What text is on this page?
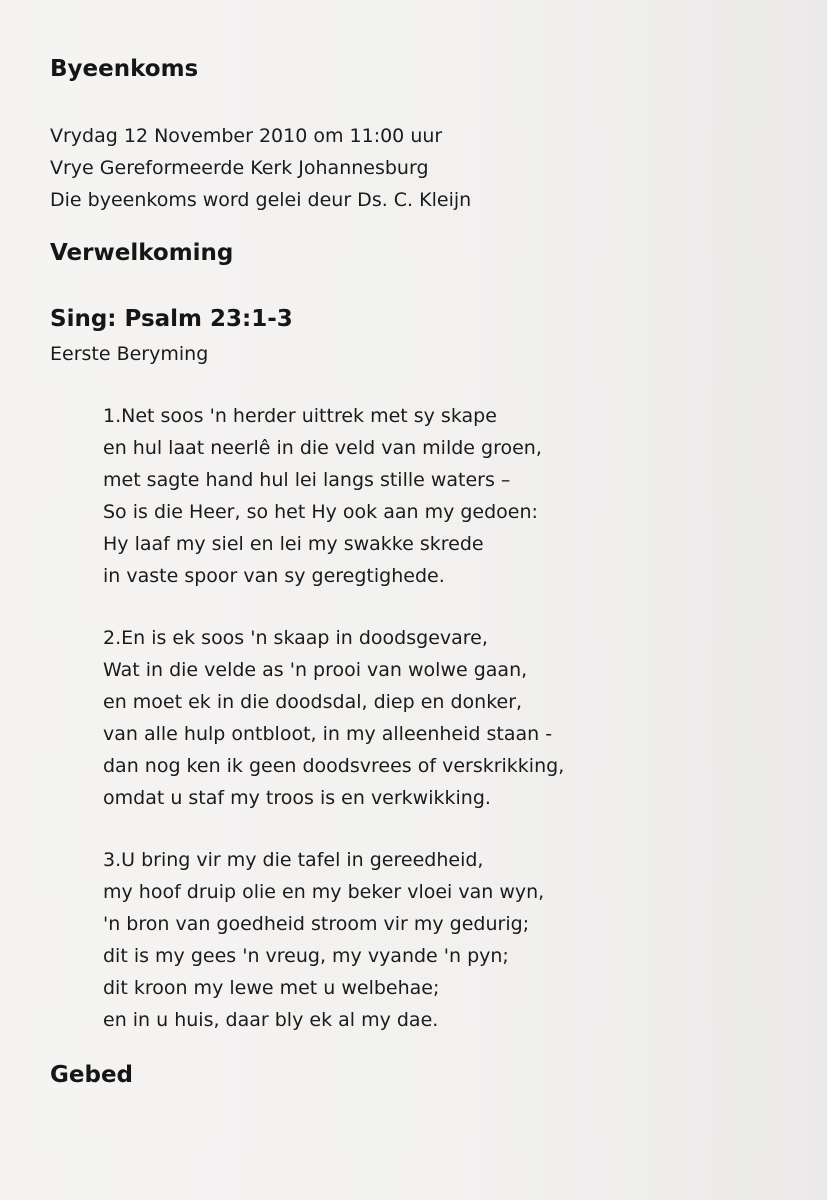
Byeenkoms
Vrydag 12 November 2010 om 11:00 uur
Vrye Gereformeerde Kerk Johannesburg
Die byeenkoms word gelei deur Ds. C. Kleijn
Verwelkoming
Sing: Psalm 23:1-3

Eerste Beryming

1.Net soos 'n herder uittrek met sy skape
en hul laat neerlê in die veld van milde groen,
met sagte hand hul lei langs stille waters –
So is die Heer, so het Hy ook aan my gedoen:
Hy laaf my siel en lei my swakke skrede
in vaste spoor van sy geregtighede.
2.En is ek soos 'n skaap in doodsgevare,
Wat in die velde as 'n prooi van wolwe gaan,
en moet ek in die doodsdal, diep en donker,
van alle hulp ontbloot, in my alleenheid staan -
dan nog ken ik geen doodsvrees of verskrikking,
omdat u staf my troos is en verkwikking.
3.U bring vir my die tafel in gereedheid,
my hoof druip olie en my beker vloei van wyn,
'n bron van goedheid stroom vir my gedurig;
dit is my gees 'n vreug, my vyande 'n pyn;
dit kroon my lewe met u welbehae;
en in u huis, daar bly ek al my dae.
Gebed
